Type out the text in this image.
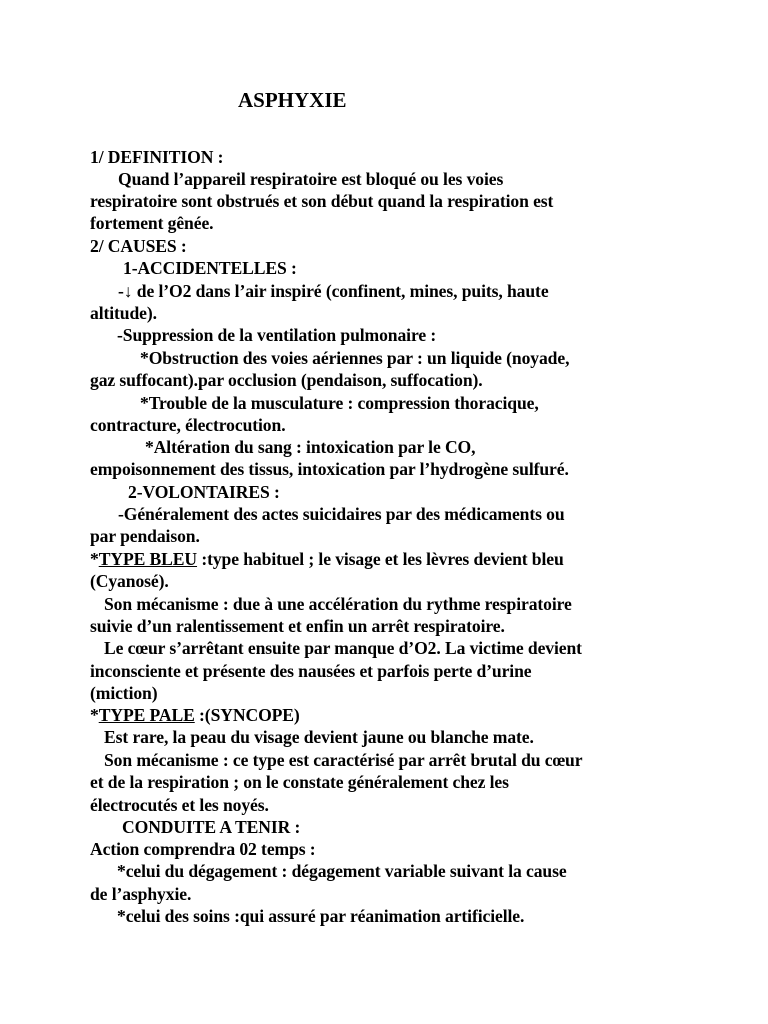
ASPHYXIE
1/ DEFINITION :
Quand l’appareil respiratoire est bloqué ou les voies
respiratoire sont obstrués et son début quand la respiration est
fortement gênée.
2/ CAUSES :
1-ACCIDENTELLES :
-↓ de l’O2 dans l’air inspiré (confinent, mines, puits, haute
altitude).
-Suppression de la ventilation pulmonaire :
*Obstruction des voies aériennes par : un liquide (noyade,
gaz suffocant).par occlusion (pendaison, suffocation).
*Trouble de la musculature : compression thoracique,
contracture, électrocution.
*Altération du sang : intoxication par le CO,
empoisonnement des tissus, intoxication par l’hydrogène sulfuré.
2-VOLONTAIRES :
-Généralement des actes suicidaires par des médicaments ou
par pendaison.
*TYPE BLEU :type habituel ; le visage et les lèvres devient bleu
(Cyanosé).
Son mécanisme : due à une accélération du rythme respiratoire
suivie d’un ralentissement et enfin un arrêt respiratoire.
Le cœur s’arrêtant ensuite par manque d’O2. La victime devient
inconsciente et présente des nausées et parfois perte d’urine
(miction)
*TYPE PALE :(SYNCOPE)
Est rare, la peau du visage devient jaune ou blanche mate.
Son mécanisme : ce type est caractérisé par arrêt brutal du cœur
et de la respiration ; on le constate généralement chez les
électrocutés et les noyés.
CONDUITE A TENIR :
Action comprendra 02 temps :
*celui du dégagement : dégagement variable suivant la cause
de l’asphyxie.
*celui des soins :qui assuré par réanimation artificielle.
